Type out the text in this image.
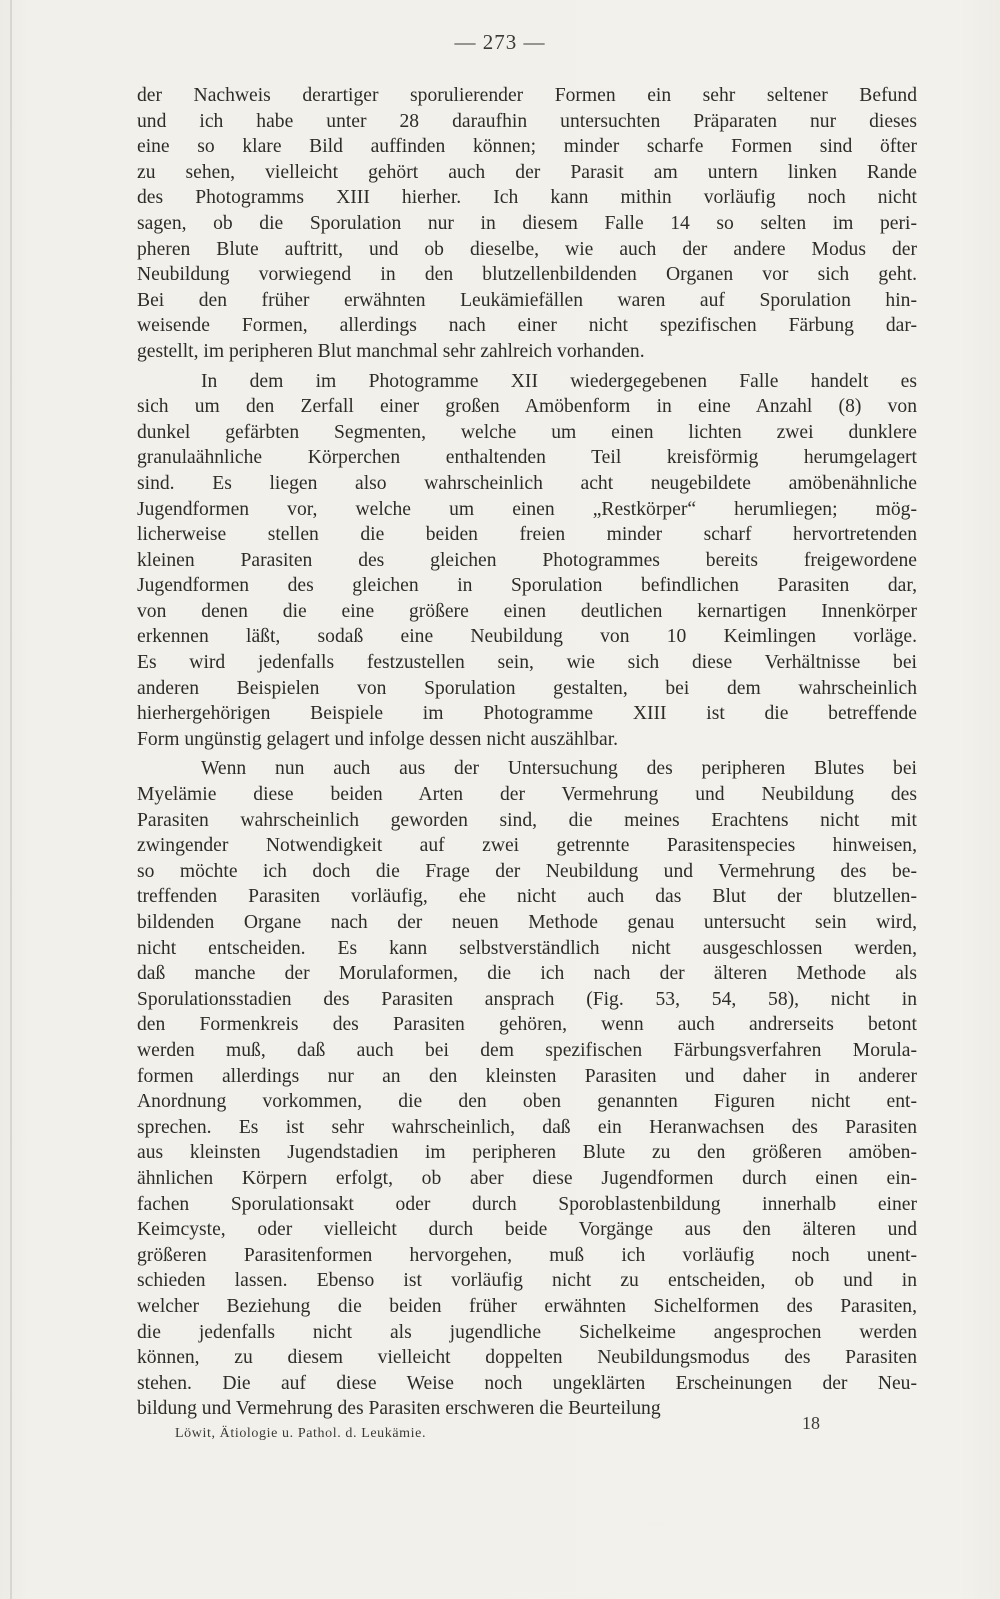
— 273 —
der Nachweis derartiger sporulierender Formen ein sehr seltener Befund
und ich habe unter 28 daraufhin untersuchten Präparaten nur dieses
eine so klare Bild auffinden können; minder scharfe Formen sind öfter
zu sehen, vielleicht gehört auch der Parasit am untern linken Rande
des Photogramms XIII hierher. Ich kann mithin vorläufig noch nicht
sagen, ob die Sporulation nur in diesem Falle 14 so selten im peri-
pheren Blute auftritt, und ob dieselbe, wie auch der andere Modus der
Neubildung vorwiegend in den blutzellenbildenden Organen vor sich geht.
Bei den früher erwähnten Leukämiefällen waren auf Sporulation hin-
weisende Formen, allerdings nach einer nicht spezifischen Färbung dar-
gestellt, im peripheren Blut manchmal sehr zahlreich vorhanden.
In dem im Photogramme XII wiedergegebenen Falle handelt es
sich um den Zerfall einer großen Amöbenform in eine Anzahl (8) von
dunkel gefärbten Segmenten, welche um einen lichten zwei dunklere
granulaähnliche Körperchen enthaltenden Teil kreisförmig herumgelagert
sind. Es liegen also wahrscheinlich acht neugebildete amöbenähnliche
Jugendformen vor, welche um einen „Restkörper“ herumliegen; mög-
licherweise stellen die beiden freien minder scharf hervortretenden
kleinen Parasiten des gleichen Photogrammes bereits freigewordene
Jugendformen des gleichen in Sporulation befindlichen Parasiten dar,
von denen die eine größere einen deutlichen kernartigen Innenkörper
erkennen läßt, sodaß eine Neubildung von 10 Keimlingen vorläge.
Es wird jedenfalls festzustellen sein, wie sich diese Verhältnisse bei
anderen Beispielen von Sporulation gestalten, bei dem wahrscheinlich
hierhergehörigen Beispiele im Photogramme XIII ist die betreffende
Form ungünstig gelagert und infolge dessen nicht auszählbar.
Wenn nun auch aus der Untersuchung des peripheren Blutes bei
Myelämie diese beiden Arten der Vermehrung und Neubildung des
Parasiten wahrscheinlich geworden sind, die meines Erachtens nicht mit
zwingender Notwendigkeit auf zwei getrennte Parasitenspecies hinweisen,
so möchte ich doch die Frage der Neubildung und Vermehrung des be-
treffenden Parasiten vorläufig, ehe nicht auch das Blut der blutzellen-
bildenden Organe nach der neuen Methode genau untersucht sein wird,
nicht entscheiden. Es kann selbstverständlich nicht ausgeschlossen werden,
daß manche der Morulaformen, die ich nach der älteren Methode als
Sporulationsstadien des Parasiten ansprach (Fig. 53, 54, 58), nicht in
den Formenkreis des Parasiten gehören, wenn auch andrerseits betont
werden muß, daß auch bei dem spezifischen Färbungsverfahren Morula-
formen allerdings nur an den kleinsten Parasiten und daher in anderer
Anordnung vorkommen, die den oben genannten Figuren nicht ent-
sprechen. Es ist sehr wahrscheinlich, daß ein Heranwachsen des Parasiten
aus kleinsten Jugendstadien im peripheren Blute zu den größeren amöben-
ähnlichen Körpern erfolgt, ob aber diese Jugendformen durch einen ein-
fachen Sporulationsakt oder durch Sporoblastenbildung innerhalb einer
Keimcyste, oder vielleicht durch beide Vorgänge aus den älteren und
größeren Parasitenformen hervorgehen, muß ich vorläufig noch unent-
schieden lassen. Ebenso ist vorläufig nicht zu entscheiden, ob und in
welcher Beziehung die beiden früher erwähnten Sichelformen des Parasiten,
die jedenfalls nicht als jugendliche Sichelkeime angesprochen werden
können, zu diesem vielleicht doppelten Neubildungsmodus des Parasiten
stehen. Die auf diese Weise noch ungeklärten Erscheinungen der Neu-
bildung und Vermehrung des Parasiten erschweren die Beurteilung
Löwit, Ätiologie u. Pathol. d. Leukämie.
18
